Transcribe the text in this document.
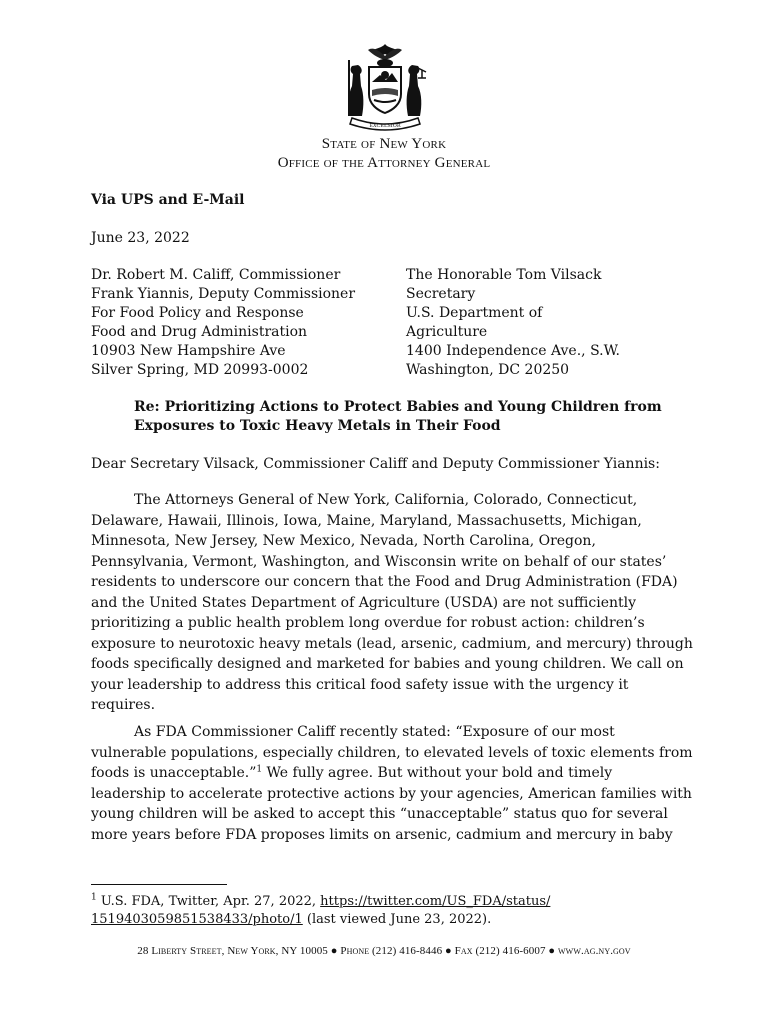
EXCELSIOR
State of New York
Office of the Attorney General
Via UPS and E-Mail
June 23, 2022
Dr. Robert M. Califf, Commissioner
Frank Yiannis, Deputy Commissioner
For Food Policy and Response
Food and Drug Administration
10903 New Hampshire Ave
Silver Spring, MD 20993-0002
The Honorable Tom Vilsack
Secretary
U.S. Department of
Agriculture
1400 Independence Ave., S.W.
Washington, DC 20250
Re: Prioritizing Actions to Protect Babies and Young Children from
Exposures to Toxic Heavy Metals in Their Food
Dear Secretary Vilsack, Commissioner Califf and Deputy Commissioner Yiannis:
The Attorneys General of New York, California, Colorado, Connecticut,
Delaware, Hawaii, Illinois, Iowa, Maine, Maryland, Massachusetts, Michigan,
Minnesota, New Jersey, New Mexico, Nevada, North Carolina, Oregon,
Pennsylvania, Vermont, Washington, and Wisconsin write on behalf of our states’
residents to underscore our concern that the Food and Drug Administration (FDA)
and the United States Department of Agriculture (USDA) are not sufficiently
prioritizing a public health problem long overdue for robust action: children’s
exposure to neurotoxic heavy metals (lead, arsenic, cadmium, and mercury) through
foods specifically designed and marketed for babies and young children. We call on
your leadership to address this critical food safety issue with the urgency it
requires.
As FDA Commissioner Califf recently stated: “Exposure of our most
vulnerable populations, especially children, to elevated levels of toxic elements from
foods is unacceptable.”$^1$ We fully agree. But without your bold and timely
leadership to accelerate protective actions by your agencies, American families with
young children will be asked to accept this “unacceptable” status quo for several
more years before FDA proposes limits on arsenic, cadmium and mercury in baby
$^1$ U.S. FDA, Twitter, Apr. 27, 2022, https://twitter.com/US_FDA/status/
1519403059851538433/photo/1 (last viewed June 23, 2022).
28 Liberty Street, New York, NY 10005 ● Phone (212) 416-8446 ● Fax (212) 416-6007 ● www.ag.ny.gov
